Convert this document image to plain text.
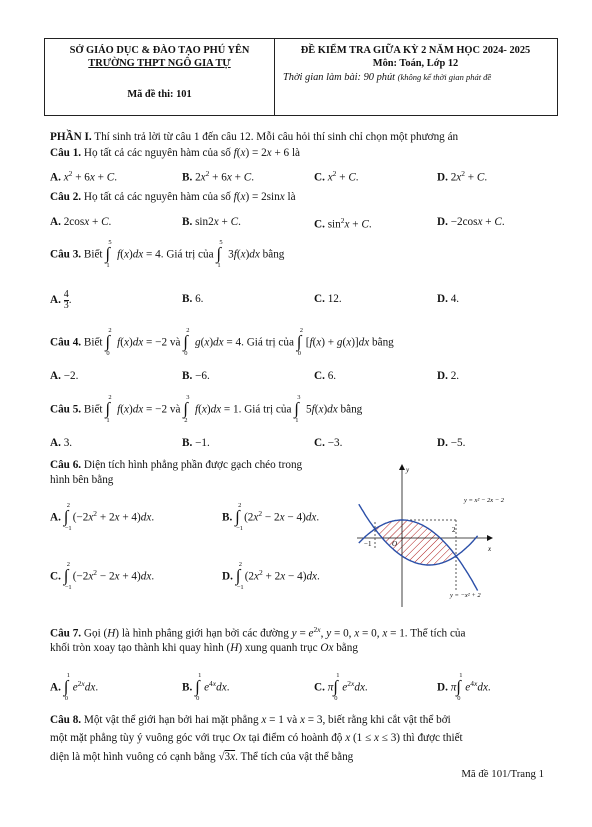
SỞ GIÁO DỤC & ĐÀO TẠO PHÚ YÊN
TRƯỜNG THPT NGÔ GIA TỰ
Mã đề thi: 101
ĐỀ KIỂM TRA GIỮA KỲ 2 NĂM HỌC 2024- 2025
Môn: Toán, Lớp 12
Thời gian làm bài: 90 phút (không kể thời gian phát đề
PHẦN I. Thí sinh trả lời từ câu 1 đến câu 12. Mỗi câu hỏi thí sinh chỉ chọn một phương án
Câu 1. Họ tất cả các nguyên hàm của số f(x) = 2x + 6 là
A. $x^2 + 6x + C$.	B. $2x^2 + 6x + C$.	C. $x^2 + C$.	D. $2x^2 + C$.
Câu 2. Họ tất cả các nguyên hàm của số f(x) = 2sinx là
A. 2cosx + C.	B. sin2x + C.	C. $\sin^2x + C$.	D. −2cosx + C.
Câu 3. Biết
∫ 5
1
f(x)dx = 4. Giá trị của
∫ 5
1
3f(x)dx bằng
A. $\frac{4}{3}$ .	B. 6.	C. 12.	D. 4.
Câu 4. Biết
∫ 2
0
f(x)dx = −2 và
∫ 2
0
g(x)dx = 4. Giá trị của
∫ 2
0
[f(x) + g(x)]dx bằng
A. −2.	B. −6.	C. 6.	D. 2.
Câu 5. Biết
∫ 2
1
f(x)dx = −2 và
∫ 3
2
f(x)dx = 1. Giá trị của
∫ 3
1
5f(x)dx bằng
A. 3.	B. −1.	C. −3.	D. −5.
Câu 6. Diện tích hình phẳng phần được gạch chéo trong
hình bên bằng
A.
∫ 2
−1
$(-2x^2 + 2x + 4)dx$.	B.
∫ 2
−1
$(2x^2 - 2x - 4)dx$.
C.
∫ 2
−1
$(-2x^2 - 2x + 4)dx$.	D.
∫ 2
−1
$(2x^2 + 2x - 4)dx$.
y
x
O
−1
2
y = x² − 2x − 2
y = −x² + 2
Câu 7. Gọi (H) là hình phẳng giới hạn bởi các đường $y = e^{2x}$, y = 0, x = 0, x = 1. Thể tích của
khối tròn xoay tạo thành khi quay hình (H) xung quanh trục Ox bằng
A.
∫ 1
0
$e^{2x}dx$.	B.
∫ 1
0
$e^{4x}dx$.	C. π
∫ 1
0
$e^{2x}dx$.	D. π
∫ 1
0
$e^{4x}dx$.
Câu 8. Một vật thể giới hạn bởi hai mặt phẳng x = 1 và x = 3, biết rằng khi cắt vật thể bởi
một mặt phẳng tùy ý vuông góc với trục Ox tại điểm có hoành độ x (1 ≤ x ≤ 3) thì được thiết
diện là một hình vuông có cạnh bằng √3x. Thể tích của vật thể bằng
Mã đề 101/Trang 1
